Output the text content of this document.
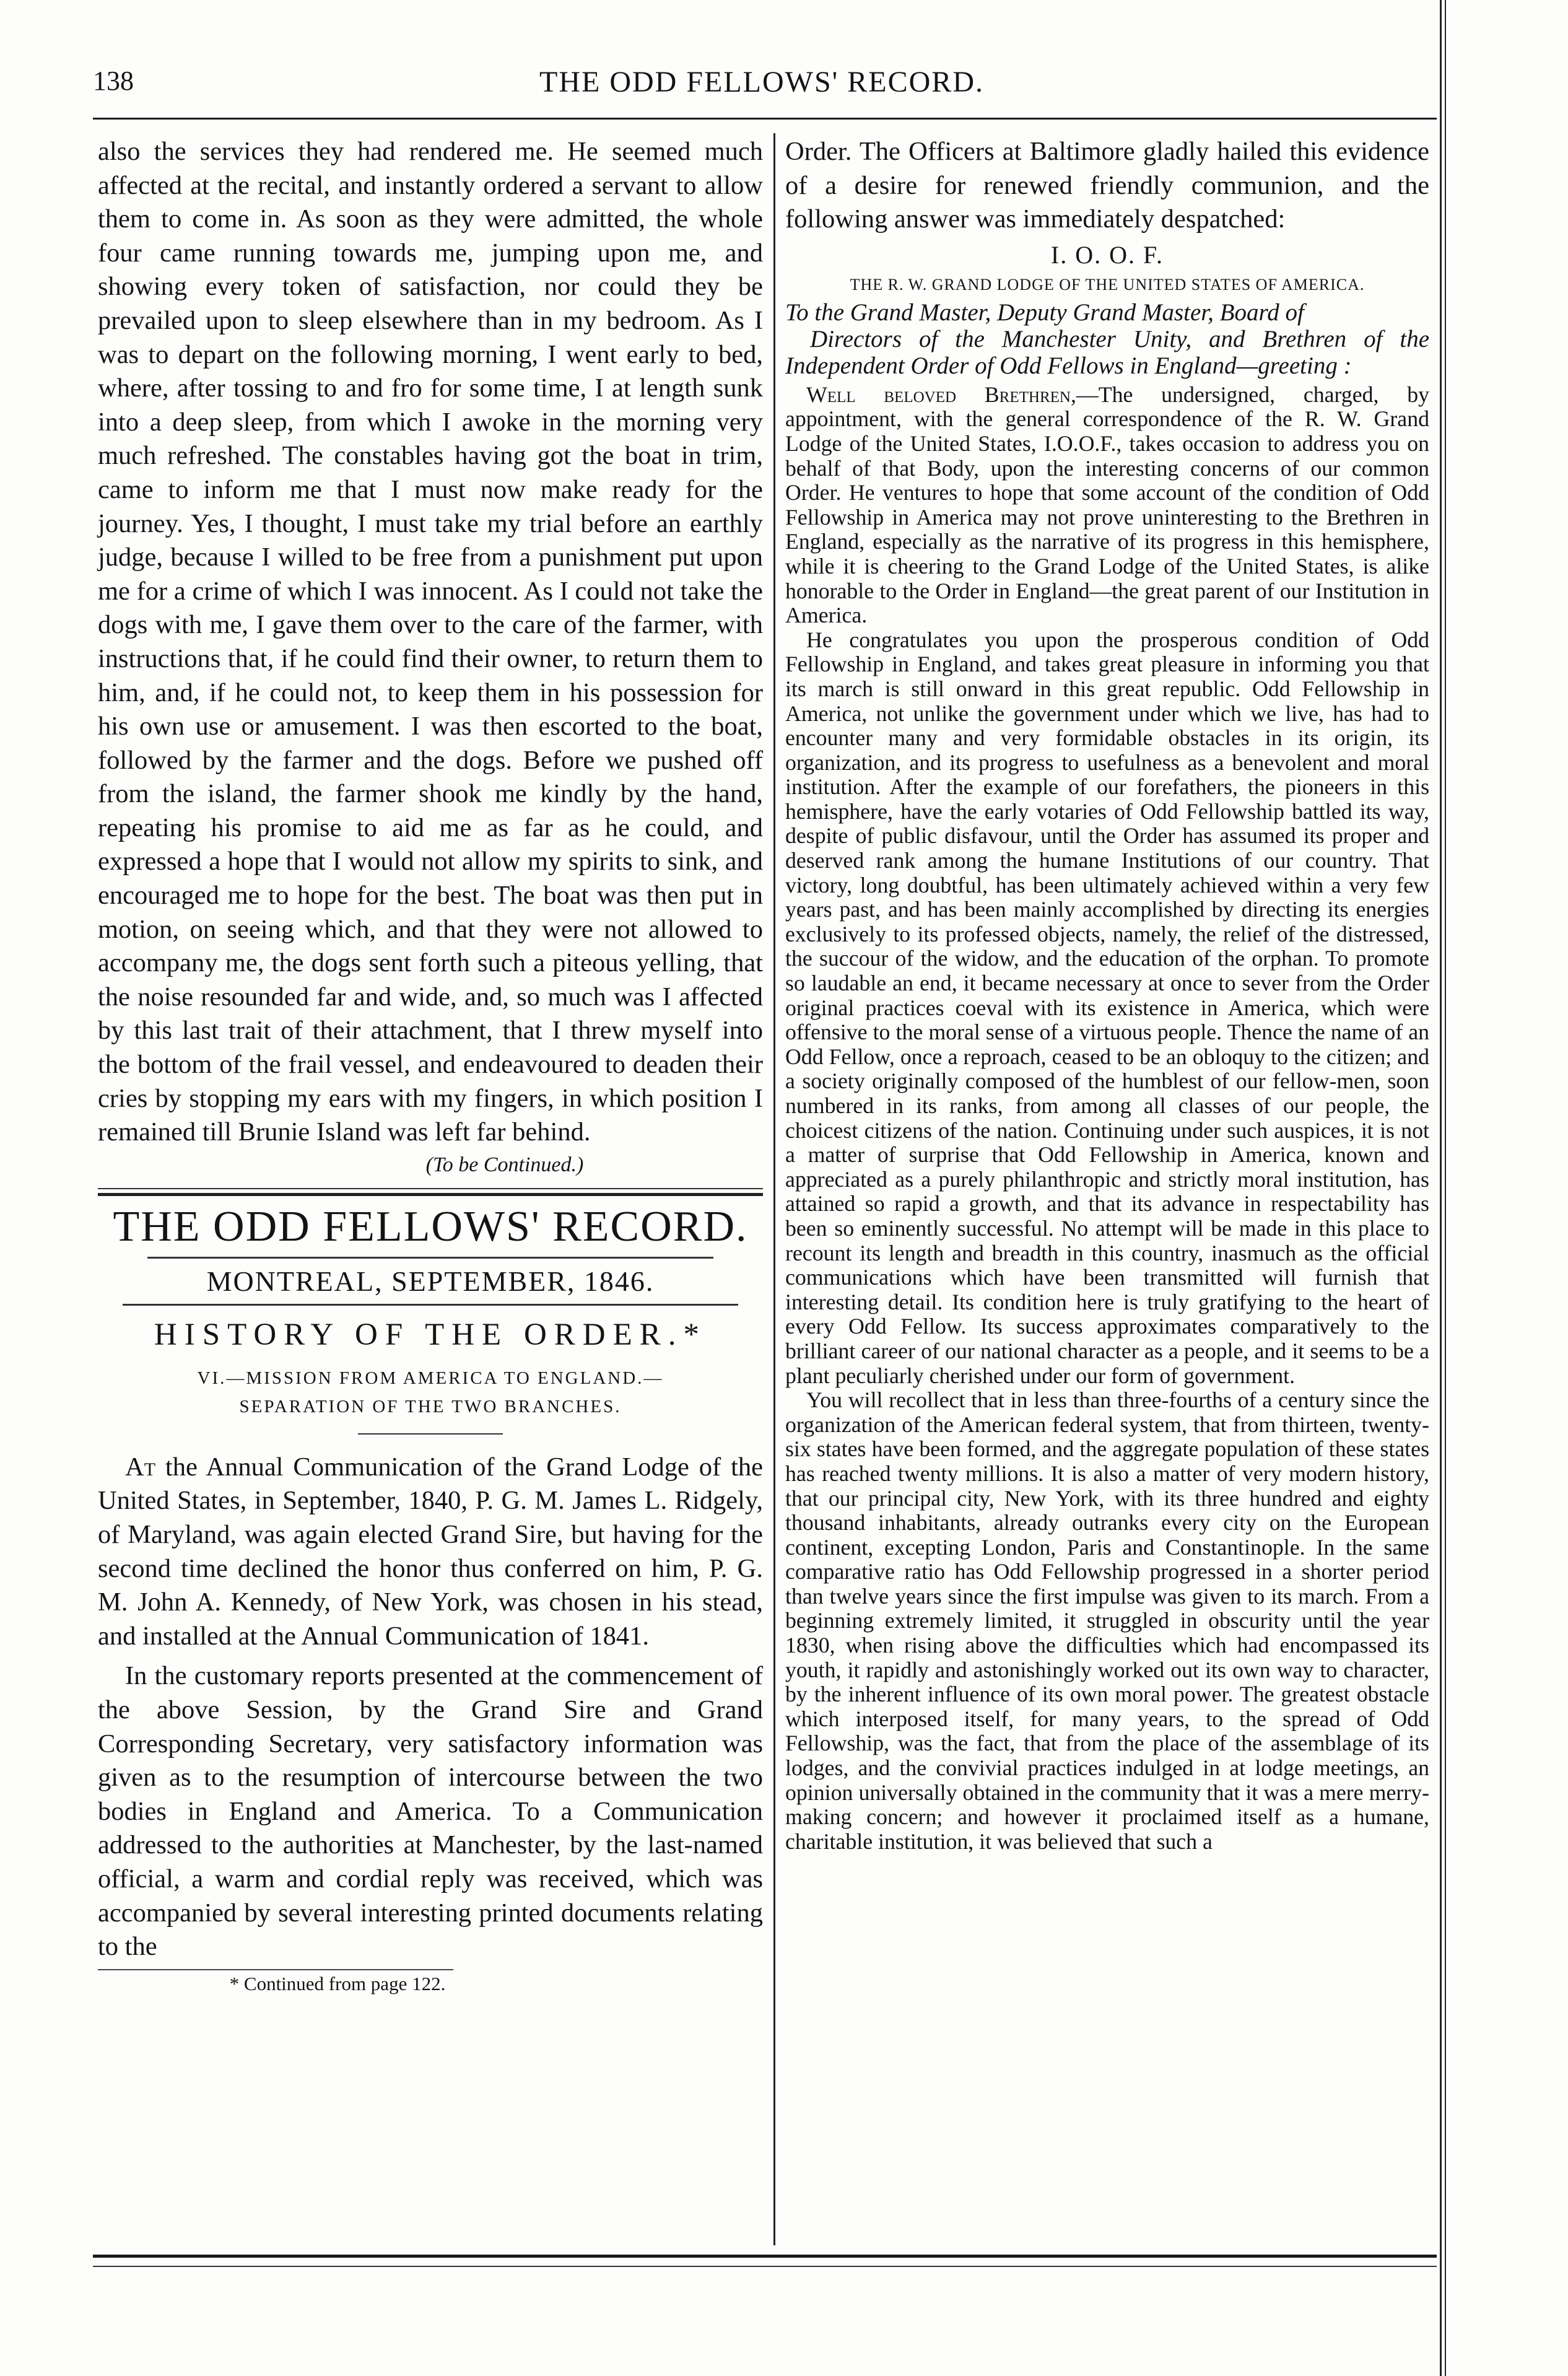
138	THE ODD FELLOWS' RECORD.

also the services they had rendered me. He seemed much affected at the recital, and instantly ordered a servant to allow them to come in. As soon as they were admitted, the whole four came running towards me, jumping upon me, and showing every token of satisfaction, nor could they be prevailed upon to sleep elsewhere than in my bedroom. As I was to depart on the following morning, I went early to bed, where, after tossing to and fro for some time, I at length sunk into a deep sleep, from which I awoke in the morning very much refreshed. The constables having got the boat in trim, came to inform me that I must now make ready for the journey. Yes, I thought, I must take my trial before an earthly judge, because I willed to be free from a punishment put upon me for a crime of which I was innocent. As I could not take the dogs with me, I gave them over to the care of the farmer, with instructions that, if he could find their owner, to return them to him, and, if he could not, to keep them in his possession for his own use or amusement. I was then escorted to the boat, followed by the farmer and the dogs. Before we pushed off from the island, the farmer shook me kindly by the hand, repeating his promise to aid me as far as he could, and expressed a hope that I would not allow my spirits to sink, and encouraged me to hope for the best. The boat was then put in motion, on seeing which, and that they were not allowed to accompany me, the dogs sent forth such a piteous yelling, that the noise resounded far and wide, and, so much was I affected by this last trait of their attachment, that I threw myself into the bottom of the frail vessel, and endeavoured to deaden their cries by stopping my ears with my fingers, in which position I remained till Brunie Island was left far behind.

(To be Continued.)
THE ODD FELLOWS' RECORD.
MONTREAL, SEPTEMBER, 1846.
HISTORY OF THE ORDER.*

VI.—MISSION FROM AMERICA TO ENGLAND.—

SEPARATION OF THE TWO BRANCHES.

At the Annual Communication of the Grand Lodge of the United States, in September, 1840, P. G. M. James L. Ridgely, of Maryland, was again elected Grand Sire, but having for the second time declined the honor thus conferred on him, P. G. M. John A. Kennedy, of New York, was chosen in his stead, and installed at the Annual Communication of 1841.

In the customary reports presented at the commencement of the above Session, by the Grand Sire and Grand Corresponding Secretary, very satisfactory information was given as to the resumption of intercourse between the two bodies in England and America. To a Communication addressed to the authorities at Manchester, by the last-named official, a warm and cordial reply was received, which was accompanied by several interesting printed documents relating to the

* Continued from page 122.

Order. The Officers at Baltimore gladly hailed this evidence of a desire for renewed friendly communion, and the following answer was immediately despatched:

I. O. O. F.
THE R. W. GRAND LODGE OF THE UNITED STATES OF AMERICA.

To the Grand Master, Deputy Grand Master, Board of
Directors of the Manchester Unity, and Brethren of the Independent Order of Odd Fellows in England—greeting :

Well beloved Brethren,—The undersigned, charged, by appointment, with the general correspondence of the R. W. Grand Lodge of the United States, I.O.O.F., takes occasion to address you on behalf of that Body, upon the interesting concerns of our common Order. He ventures to hope that some account of the condition of Odd Fellowship in America may not prove uninteresting to the Brethren in England, especially as the narrative of its progress in this hemisphere, while it is cheering to the Grand Lodge of the United States, is alike honorable to the Order in England—the great parent of our Institution in America.

He congratulates you upon the prosperous condition of Odd Fellowship in England, and takes great pleasure in informing you that its march is still onward in this great republic. Odd Fellowship in America, not unlike the government under which we live, has had to encounter many and very formidable obstacles in its origin, its organization, and its progress to usefulness as a benevolent and moral institution. After the example of our forefathers, the pioneers in this hemisphere, have the early votaries of Odd Fellowship battled its way, despite of public disfavour, until the Order has assumed its proper and deserved rank among the humane Institutions of our country. That victory, long doubtful, has been ultimately achieved within a very few years past, and has been mainly accomplished by directing its energies exclusively to its professed objects, namely, the relief of the distressed, the succour of the widow, and the education of the orphan. To promote so laudable an end, it became necessary at once to sever from the Order original practices coeval with its existence in America, which were offensive to the moral sense of a virtuous people. Thence the name of an Odd Fellow, once a reproach, ceased to be an obloquy to the citizen; and a society originally composed of the humblest of our fellow-men, soon numbered in its ranks, from among all classes of our people, the choicest citizens of the nation. Continuing under such auspices, it is not a matter of surprise that Odd Fellowship in America, known and appreciated as a purely philanthropic and strictly moral institution, has attained so rapid a growth, and that its advance in respectability has been so eminently successful. No attempt will be made in this place to recount its length and breadth in this country, inasmuch as the official communications which have been transmitted will furnish that interesting detail. Its condition here is truly gratifying to the heart of every Odd Fellow. Its success approximates comparatively to the brilliant career of our national character as a people, and it seems to be a plant peculiarly cherished under our form of government.

You will recollect that in less than three-fourths of a century since the organization of the American federal system, that from thirteen, twenty-six states have been formed, and the aggregate population of these states has reached twenty millions. It is also a matter of very modern history, that our principal city, New York, with its three hundred and eighty thousand inhabitants, already outranks every city on the European continent, excepting London, Paris and Constantinople. In the same comparative ratio has Odd Fellowship progressed in a shorter period than twelve years since the first impulse was given to its march. From a beginning extremely limited, it struggled in obscurity until the year 1830, when rising above the difficulties which had encompassed its youth, it rapidly and astonishingly worked out its own way to character, by the inherent influence of its own moral power. The greatest obstacle which interposed itself, for many years, to the spread of Odd Fellowship, was the fact, that from the place of the assemblage of its lodges, and the convivial practices indulged in at lodge meetings, an opinion universally obtained in the community that it was a mere merry-making concern; and however it proclaimed itself as a humane, charitable institution, it was believed that such a
